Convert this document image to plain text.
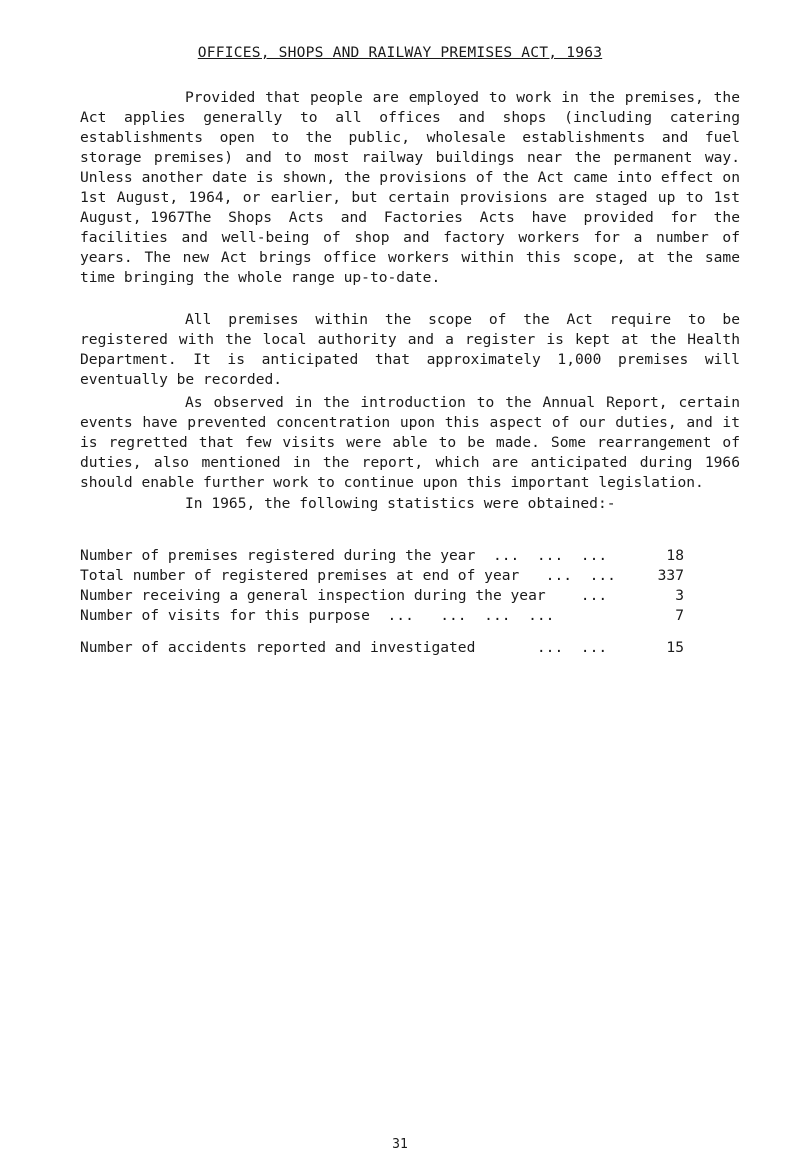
OFFICES, SHOPS AND RAILWAY PREMISES ACT, 1963
Provided that people are employed to work in the premises, the Act applies generally to all offices and shops (including catering establishments open to the public, wholesale establishments and fuel storage premises) and to most railway buildings near the permanent way. Unless another date is shown, the provisions of the Act came into effect on 1st August, 1964, or earlier, but certain provisions are staged up to 1st August, 1967.
The Shops Acts and Factories Acts have provided for the facilities and well-being of shop and factory workers for a number of years. The new Act brings office workers within this scope, at the same time bringing the whole range up-to-date.
All premises within the scope of the Act require to be registered with the local authority and a register is kept at the Health Department. It is anticipated that approximately 1,000 premises will eventually be recorded.
As observed in the introduction to the Annual Report, certain events have prevented concentration upon this aspect of our duties, and it is regretted that few visits were able to be made. Some rearrangement of duties, also mentioned in the report, which are anticipated during 1966 should enable further work to continue upon this important legislation.
In 1965, the following statistics were obtained:-
Number of premises registered during the year  ...  ...  ...	18
Total number of registered premises at end of year   ...  ...	337
Number receiving a general inspection during the year    ...	3
Number of visits for this purpose  ...   ...  ...  ...	7
Number of accidents reported and investigated       ...  ...	15
31
